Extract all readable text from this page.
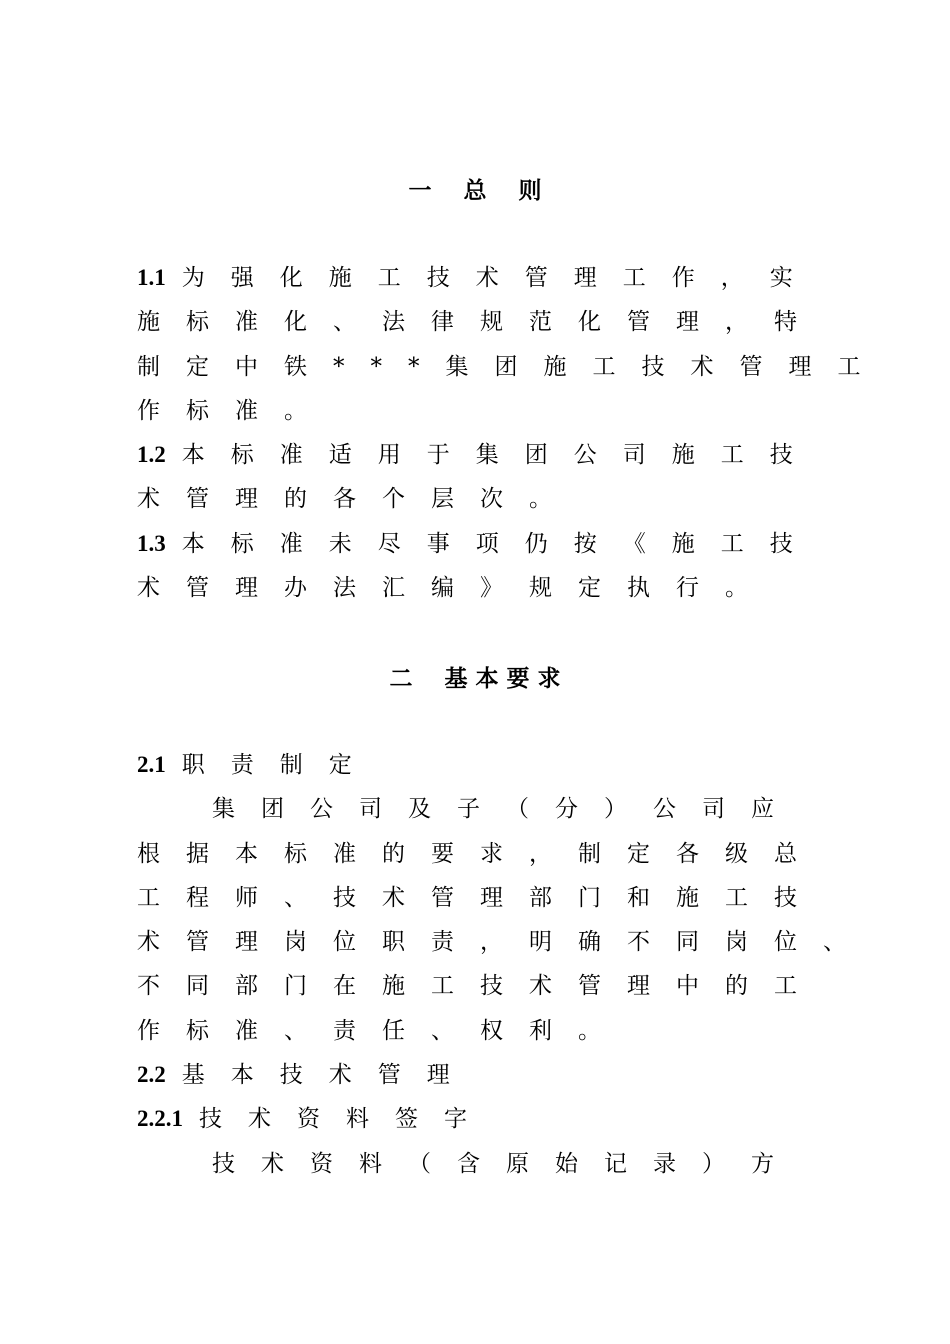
一    总    则
1.1 为强化施工技术管理工作，实
施标准化、法律规范化管理，特
制定中铁***集团施工技术管理工
作标准。
1.2 本标准适用于集团公司施工技
术管理的各个层次。
1.3 本标准未尽事项仍按《施工技
术管理办法汇编》规定执行。
二    基 本 要 求
2.1 职责制定
集团公司及子（分）公司应
根据本标准的要求，制定各级总
工程师、技术管理部门和施工技
术管理岗位职责，明确不同岗位、
不同部门在施工技术管理中的工
作标准、责任、权利。
2.2 基本技术管理
2.2.1 技术资料签字
技术资料（含原始记录）方
